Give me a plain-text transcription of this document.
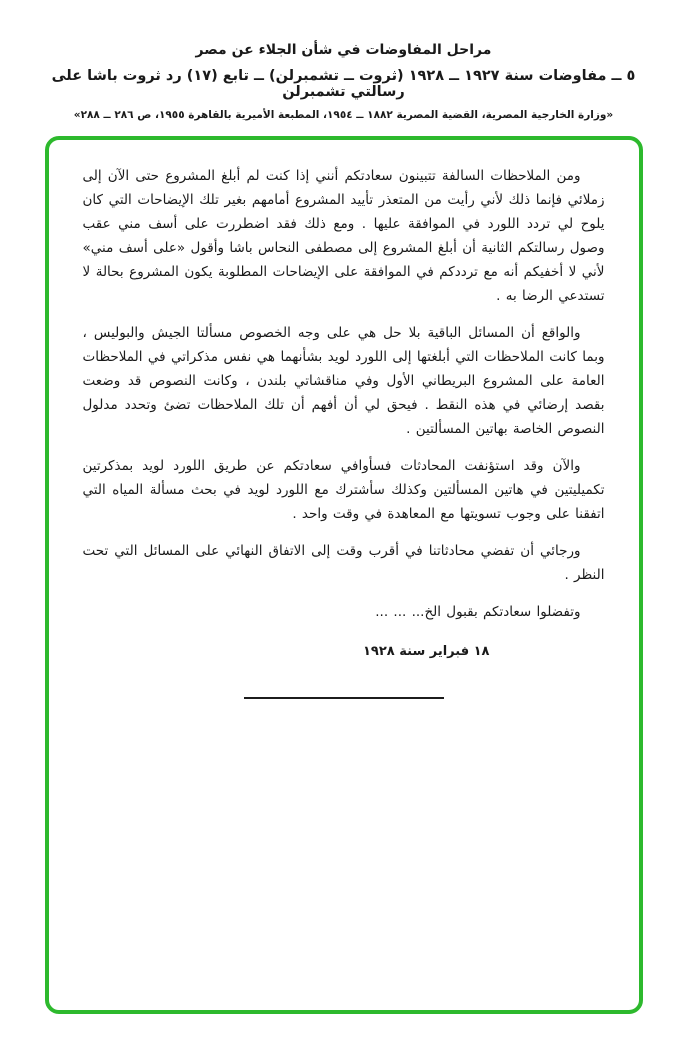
مراحل المفاوضات في شأن الجلاء عن مصر
٥ ــ مفاوضات سنة ١٩٢٧ ــ ١٩٢٨ (ثروت ــ تشمبرلن) ــ تابع (١٧) رد ثروت باشا على رسالتي تشمبرلن
«وزارة الخارجية المصرية، القضية المصرية ١٨٨٢ ــ ١٩٥٤، المطبعة الأميرية بالقاهرة ١٩٥٥، ص ٢٨٦ ــ ٢٨٨»

ومن الملاحظات السالفة تتبينون سعادتكم أنني إذا كنت لم أبلغ المشروع حتى الآن إلى زملائي فإنما ذلك لأني رأيت من المتعذر تأييد المشروع أمامهم بغير تلك الإيضاحات التي كان يلوح لي تردد اللورد في الموافقة عليها . ومع ذلك فقد اضطررت على أسف مني عقب وصول رسالتكم الثانية أن أبلغ المشروع إلى مصطفى النحاس باشا وأقول «على أسف مني» لأني لا أخفيكم أنه مع ترددكم في الموافقة على الإيضاحات المطلوبة يكون المشروع بحالة لا تستدعي الرضا به .

والواقع أن المسائل الباقية بلا حل هي على وجه الخصوص مسألتا الجيش والبوليس ، وبما كانت الملاحظات التي أبلغتها إلى اللورد لويد بشأنهما هي نفس مذكراتي في الملاحظات العامة على المشروع البريطاني الأول وفي مناقشاتي بلندن ، وكانت النصوص قد وضعت بقصد إرضائي في هذه النقط . فيحق لي أن أفهم أن تلك الملاحظات تضئ وتحدد مدلول النصوص الخاصة بهاتين المسألتين .

والآن وقد استؤنفت المحادثات فسأوافي سعادتكم عن طريق اللورد لويد بمذكرتين تكميليتين في هاتين المسألتين وكذلك سأشترك مع اللورد لويد في بحث مسألة المياه التي اتفقنا على وجوب تسويتها مع المعاهدة في وقت واحد .

ورجائي أن تفضي محادثاتنا في أقرب وقت إلى الاتفاق النهائي على المسائل التي تحت النظر .

وتفضلوا سعادتكم بقبول الخ... ... ...

١٨ فبراير سنة ١٩٢٨
